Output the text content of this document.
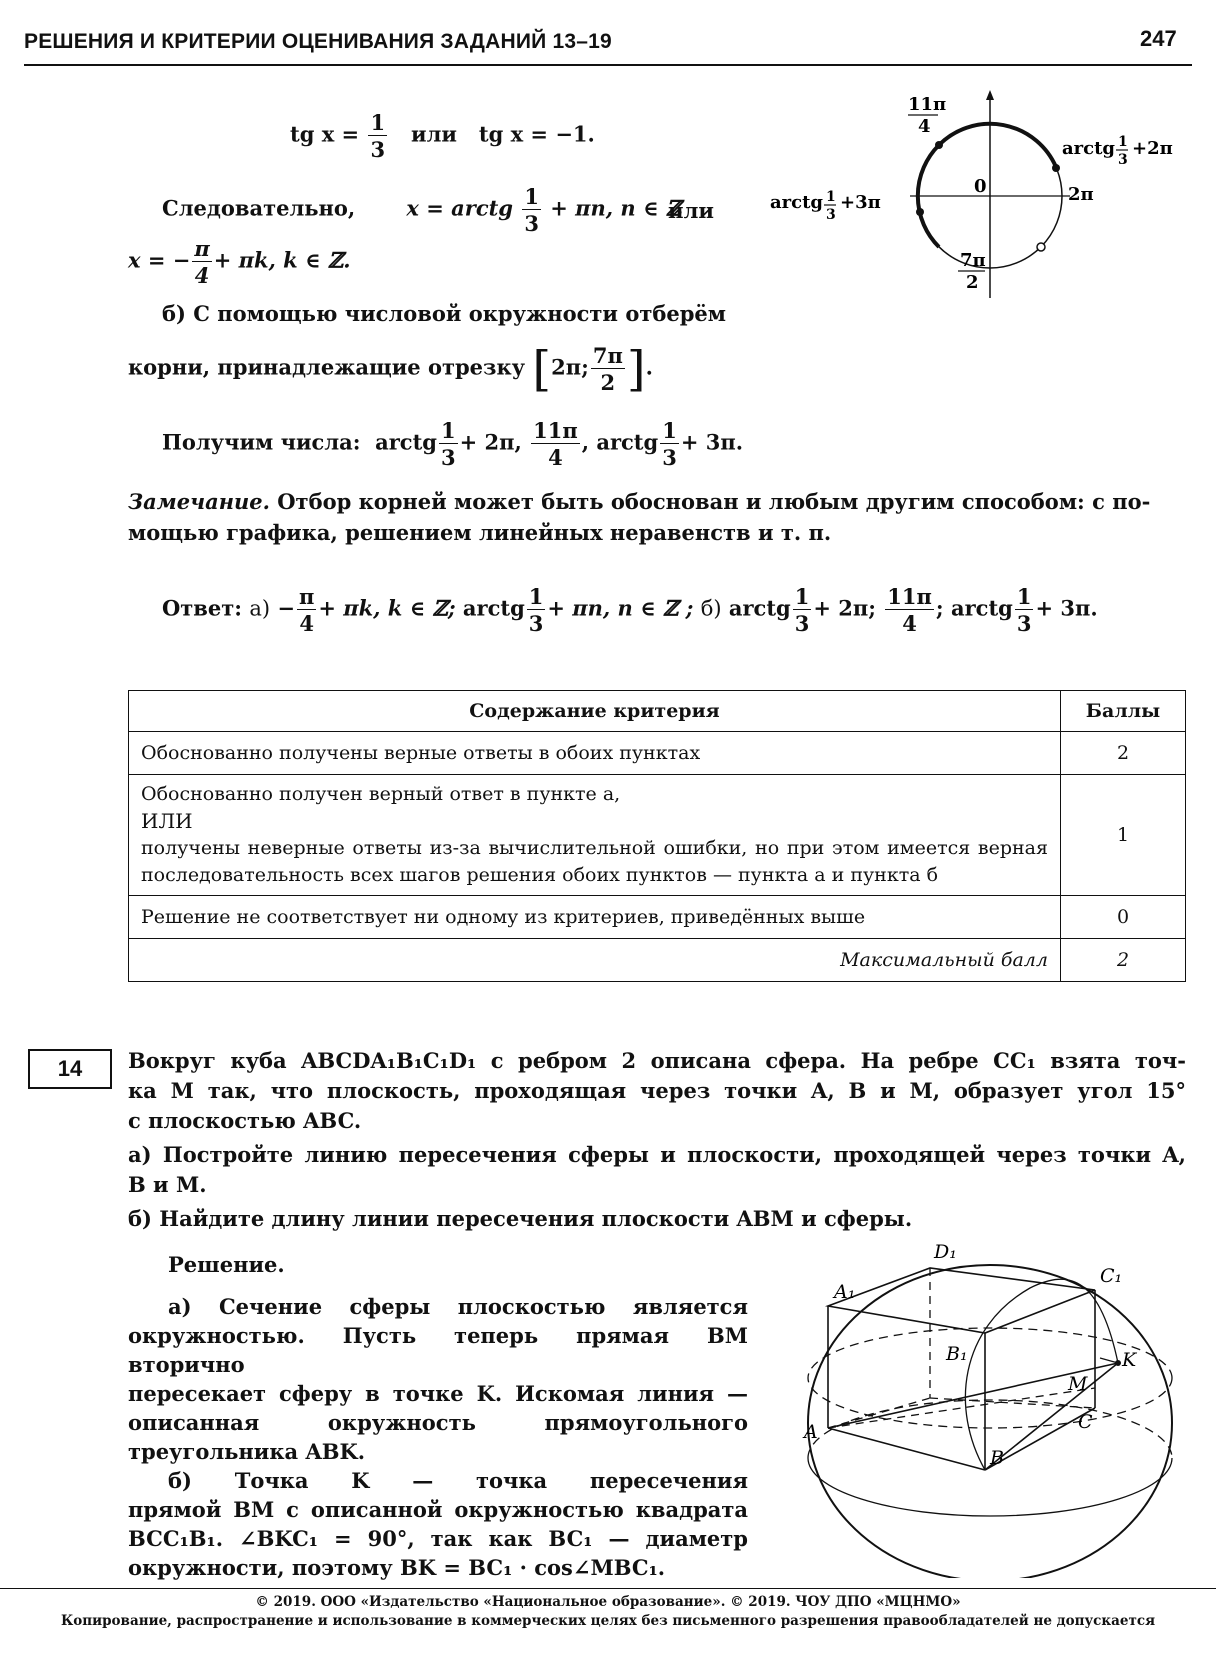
РЕШЕНИЯ И КРИТЕРИИ ОЦЕНИВАНИЯ ЗАДАНИЙ 13–19	247
tg $x = \frac{1}{3}$ или tg x = −1.
Следовательно, x = arctg $\frac{1}{3} + \pi n$, n ∈ ℤ
или
x = − $\frac{\pi}{4} + \pi k$, k ∈ ℤ.
11π
4
arctg 1
3
+2π
0	2π
arctg 1
3
+3π
7π
2
б) С помощью числовой окружности отберём
корни, принадлежащие отрезку [2π; $\frac{7\pi}{2}$ ].
Получим числа: arctg $\frac{1}{3} + 2\pi$, $\frac{11\pi}{4}$ , arctg $\frac{1}{3} + 3\pi$.
Замечание. Отбор корней может быть обоснован и любым другим способом: с по-
мощью графика, решением линейных неравенств и т. п.
Ответ: $а) - \frac{\pi}{4} + \pi k$, k ∈ ℤ; arctg $\frac{1}{3} + \pi n$, n ∈ ℤ ; б) arctg $\frac{1}{3} + 2\pi$; $\frac{11\pi}{4}$ ; arctg $\frac{1}{3} + 3\pi$.
Содержание критерия	Баллы
Обоснованно получены верные ответы в обоих пунктах	2

Обоснованно получен верный ответ в пункте а,
ИЛИ
получены неверные ответы из-за вычислительной ошибки, но при этом имеется верная последовательность всех шагов решения обоих пунктов — пункта а и пункта б	1
Решение не соответствует ни одному из критериев, приведённых выше	0
Максимальный балл	2
14	Вокруг куба ABCDA₁B₁C₁D₁ с ребром 2 описана сфера. На ребре CC₁ взята точ-
ка M так, что плоскость, проходящая через точки A, B и M, образует угол 15°
с плоскостью ABC.
а) Постройте линию пересечения сферы и плоскости, проходящей через точки A,
B и M.
б) Найдите длину линии пересечения плоскости ABM и сферы.
Решение.
а) Сечение сферы плоскостью является
окружностью. Пусть теперь прямая BM вторично
пересекает сферу в точке K. Искомая линия —
описанная окружность прямоугольного
треугольника ABK.
б) Точка K — точка пересечения
прямой BM с описанной окружностью квадрата
BCC₁B₁. ∠BKC₁ = 90°, так как BC₁ — диаметр
окружности, поэтому BK = BC₁ · cos∠MBC₁.
D₁
C₁
A₁
B₁	K
M
C
A
B
© 2019. ООО «Издательство «Национальное образование». © 2019. ЧОУ ДПО «МЦНМО»
Копирование, распространение и использование в коммерческих целях без письменного разрешения правообладателей не допускается
